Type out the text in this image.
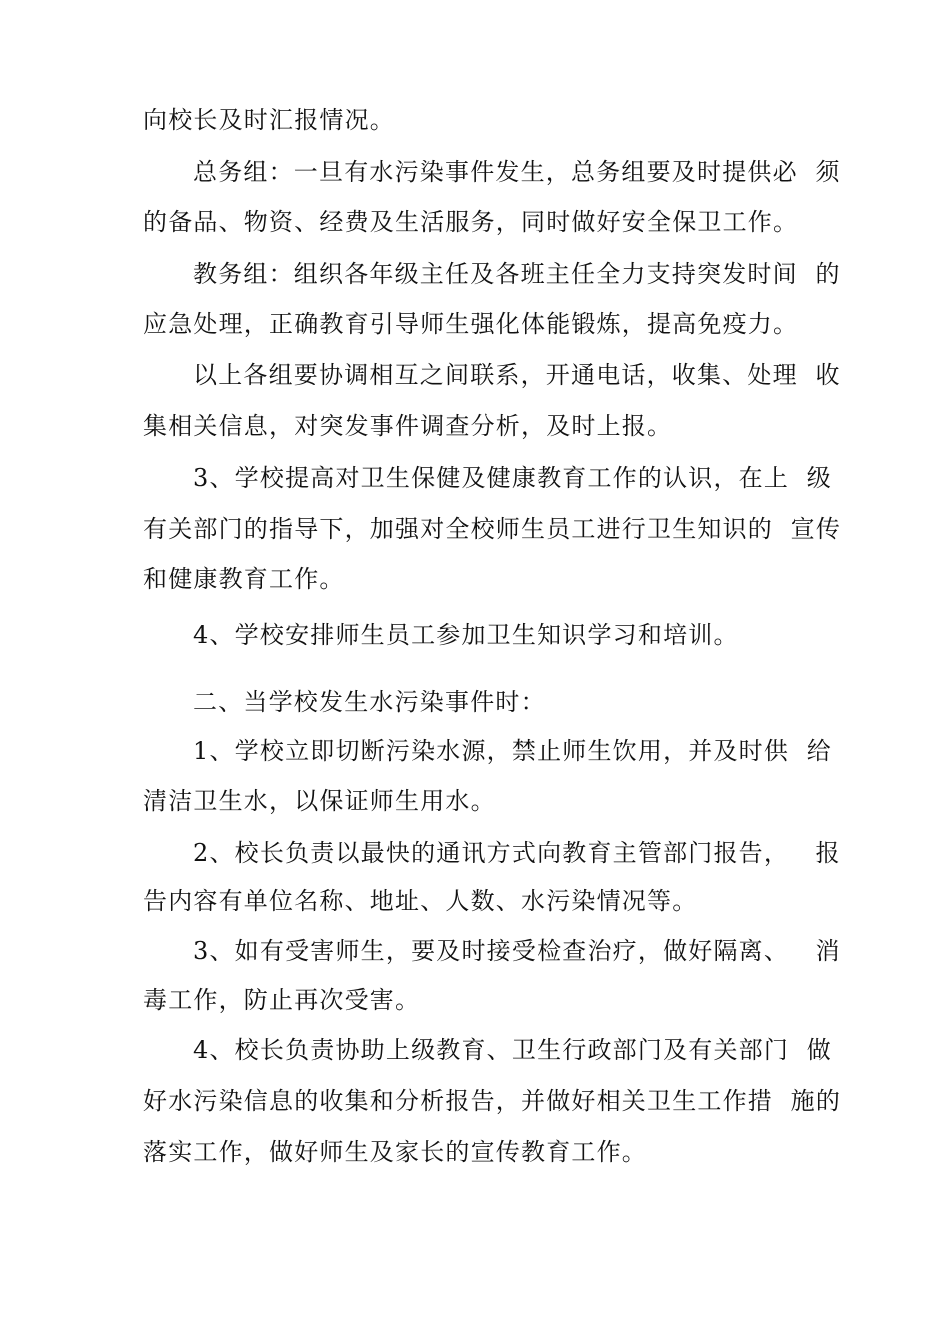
向校长及时汇报情况。
总务组：一旦有水污染事件发生，总务组要及时提供必  须
的备品、物资、经费及生活服务，同时做好安全保卫工作。
教务组：组织各年级主任及各班主任全力支持突发时间  的
应急处理，正确教育引导师生强化体能锻炼，提高免疫力。
以上各组要协调相互之间联系，开通电话，收集、处理  收
集相关信息，对突发事件调查分析，及时上报。
3、学校提高对卫生保健及健康教育工作的认识，在上  级
有关部门的指导下，加强对全校师生员工进行卫生知识的  宣传
和健康教育工作。
4、学校安排师生员工参加卫生知识学习和培训。
二、当学校发生水污染事件时：
1、学校立即切断污染水源，禁止师生饮用，并及时供  给
清洁卫生水，以保证师生用水。
2、校长负责以最快的通讯方式向教育主管部门报告，   报
告内容有单位名称、地址、人数、水污染情况等。
3、如有受害师生，要及时接受检查治疗，做好隔离、   消
毒工作，防止再次受害。
4、校长负责协助上级教育、卫生行政部门及有关部门  做
好水污染信息的收集和分析报告，并做好相关卫生工作措  施的
落实工作，做好师生及家长的宣传教育工作。
